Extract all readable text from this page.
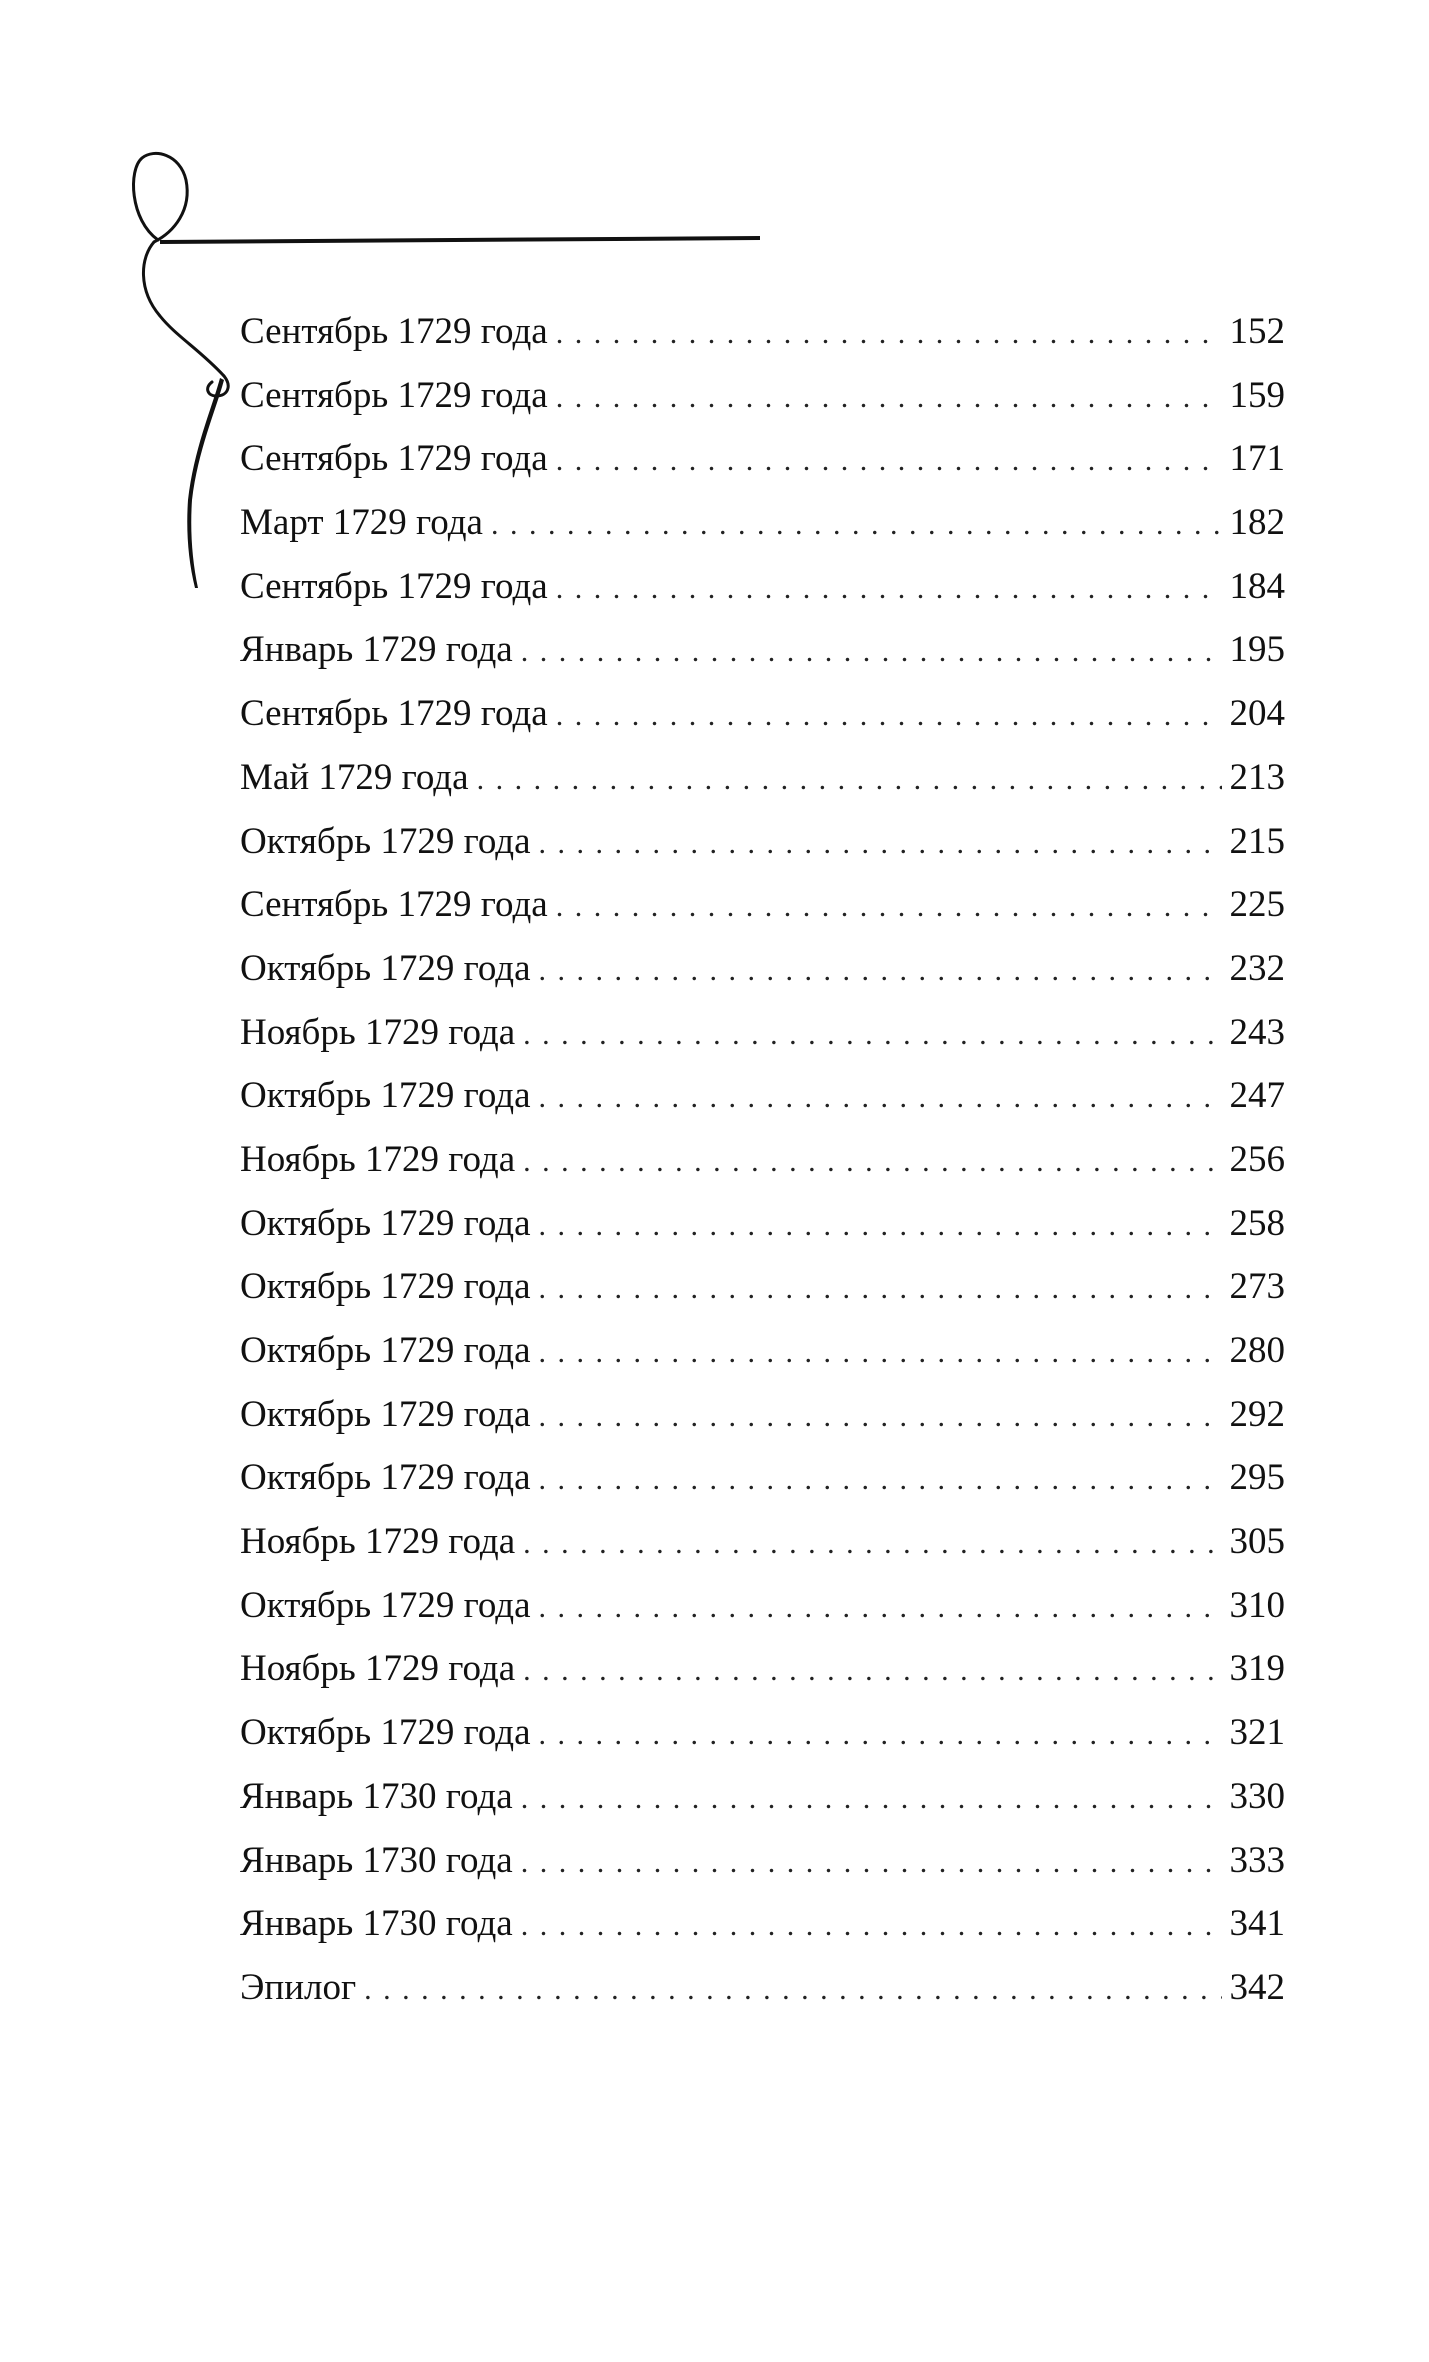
Сентябрь 1729 года . . .	152
Сентябрь 1729 года . . .	159
Сентябрь 1729 года . . .	171
Март 1729 года . . .	182
Сентябрь 1729 года . . .	184
Январь 1729 года . . .	195
Сентябрь 1729 года . . .	204
Май 1729 года . . .	213
Октябрь 1729 года . . .	215
Сентябрь 1729 года . . .	225
Октябрь 1729 года . . .	232
Ноябрь 1729 года . . .	243
Октябрь 1729 года . . .	247
Ноябрь 1729 года . . .	256
Октябрь 1729 года . . .	258
Октябрь 1729 года . . .	273
Октябрь 1729 года . . .	280
Октябрь 1729 года . . .	292
Октябрь 1729 года . . .	295
Ноябрь 1729 года . . .	305
Октябрь 1729 года . . .	310
Ноябрь 1729 года . . .	319
Октябрь 1729 года . . .	321
Январь 1730 года . . .	330
Январь 1730 года . . .	333
Январь 1730 года . . .	341
Эпилог . . .	342
